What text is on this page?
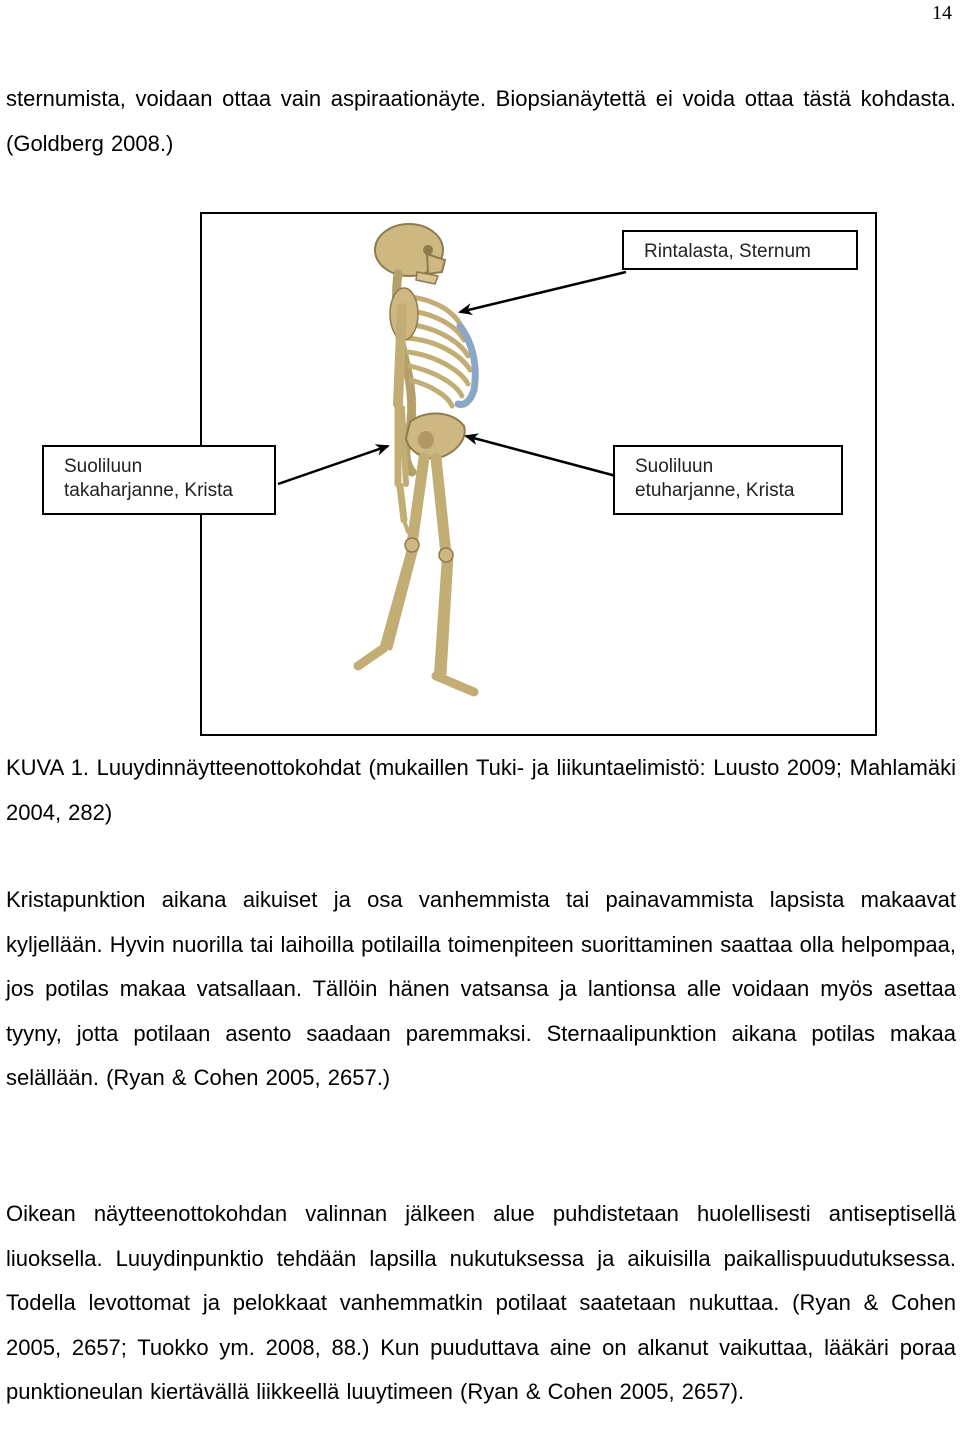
14

sternumista, voidaan ottaa vain aspiraationäyte. Biopsianäytettä ei voida ottaa tästä kohdasta. (Goldberg 2008.)

Rintalasta, Sternum
Suoliluun
takaharjanne, Krista
Suoliluun
etuharjanne, Krista

KUVA 1. Luuydinnäytteenottokohdat (mukaillen Tuki- ja liikuntaelimistö: Luusto 2009; Mahlamäki 2004, 282)

Kristapunktion aikana aikuiset ja osa vanhemmista tai painavammista lapsista makaavat kyljellään. Hyvin nuorilla tai laihoilla potilailla toimenpiteen suorittaminen saattaa olla helpompaa, jos potilas makaa vatsallaan. Tällöin hänen vatsansa ja lantionsa alle voidaan myös asettaa tyyny, jotta potilaan asento saadaan paremmaksi. Sternaalipunktion aikana potilas makaa selällään. (Ryan & Cohen 2005, 2657.)

Oikean näytteenottokohdan valinnan jälkeen alue puhdistetaan huolellisesti antiseptisellä liuoksella. Luuydinpunktio tehdään lapsilla nukutuksessa ja aikuisilla paikallispuudutuksessa. Todella levottomat ja pelokkaat vanhemmatkin potilaat saatetaan nukuttaa. (Ryan & Cohen 2005, 2657; Tuokko ym. 2008, 88.) Kun puuduttava aine on alkanut vaikuttaa, lääkäri poraa punktioneulan kiertävällä liikkeellä luuytimeen (Ryan & Cohen 2005, 2657).
